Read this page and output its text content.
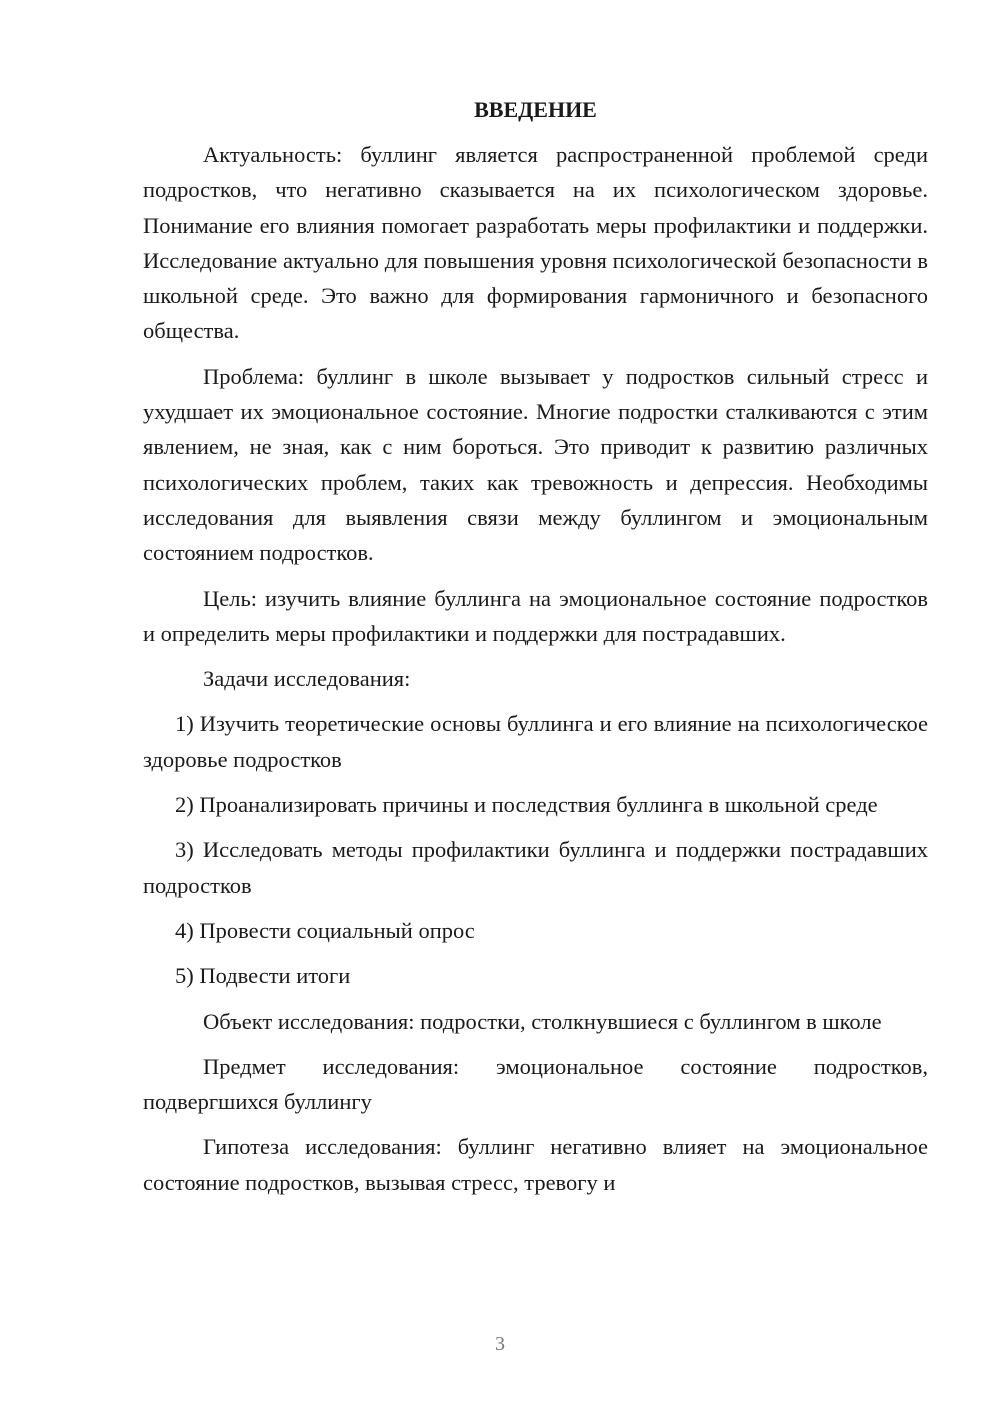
ВВЕДЕНИЕ

Актуальность: буллинг является распространенной проблемой среди подростков, что негативно сказывается на их психологическом здоровье. Понимание его влияния помогает разработать меры профилактики и поддержки. Исследование актуально для повышения уровня психологической безопасности в школьной среде. Это важно для формирования гармоничного и безопасного общества.

Проблема: буллинг в школе вызывает у подростков сильный стресс и ухудшает их эмоциональное состояние. Многие подростки сталкиваются с этим явлением, не зная, как с ним бороться. Это приводит к развитию различных психологических проблем, таких как тревожность и депрессия. Необходимы исследования для выявления связи между буллингом и эмоциональным состоянием подростков.

Цель: изучить влияние буллинга на эмоциональное состояние подростков и определить меры профилактики и поддержки для пострадавших.

Задачи исследования:

1) Изучить теоретические основы буллинга и его влияние на психологическое здоровье подростков

2) Проанализировать причины и последствия буллинга в школьной среде

3) Исследовать методы профилактики буллинга и поддержки пострадавших подростков

4) Провести социальный опрос

5) Подвести итоги

Объект исследования: подростки, столкнувшиеся с буллингом в школе

Предмет исследования: эмоциональное состояние подростков, подвергшихся буллингу

Гипотеза исследования: буллинг негативно влияет на эмоциональное состояние подростков, вызывая стресс, тревогу и

3
